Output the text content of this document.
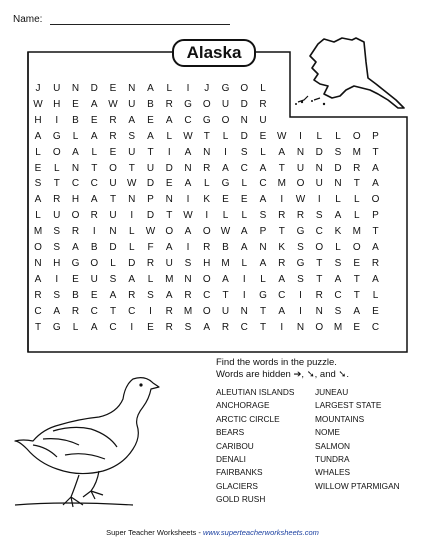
Name:
Alaska
J	U	N	D	E	N	A	L	I	J	G	O	L
W	H	E	A	W	U	B	R	G	O	U	D	R
H	I	B	E	R	A	E	A	C	G	O	N	U
A	G	L	A	R	S	A	L	W	T	L	D	E	W	I	L	L	O	P
L	O	A	L	E	U	T	I	A	N	I	S	L	A	N	D	S	M	T
E	L	N	T	O	T	U	D	N	R	A	C	A	T	U	N	D	R	A
S	T	C	C	U	W	D	E	A	L	G	L	C	M	O	U	N	T	A
A	R	H	A	T	N	P	N	I	K	E	E	A	I	W	I	L	L	O
L	U	O	R	U	I	D	T	W	I	L	L	S	R	R	S	A	L	P
M	S	R	I	N	L	W	O	A	O	W	A	P	T	G	C	K	M	T
O	S	A	B	D	L	F	A	I	R	B	A	N	K	S	O	L	O	A
N	H	G	O	L	D	R	U	S	H	M	L	A	R	G	T	S	E	R
A	I	E	U	S	A	L	M	N	O	A	I	L	A	S	T	A	T	A
R	S	B	E	A	R	S	A	R	C	T	I	G	C	I	R	C	T	L
C	A	R	C	T	C	I	R	M	O	U	N	T	A	I	N	S	A	E
T	G	L	A	C	I	E	R	S	A	R	C	T	I	N	O	M	E	C
Find the words in the puzzle.
Words are hidden ➔, ➘, and ➘.
ALEUTIAN ISLANDS
ANCHORAGE
ARCTIC CIRCLE
BEARS
CARIBOU
DENALI
FAIRBANKS
GLACIERS
GOLD RUSH
JUNEAU
LARGEST STATE
MOUNTAINS
NOME
SALMON
TUNDRA
WHALES
WILLOW PTARMIGAN
Super Teacher Worksheets - www.superteacherworksheets.com
